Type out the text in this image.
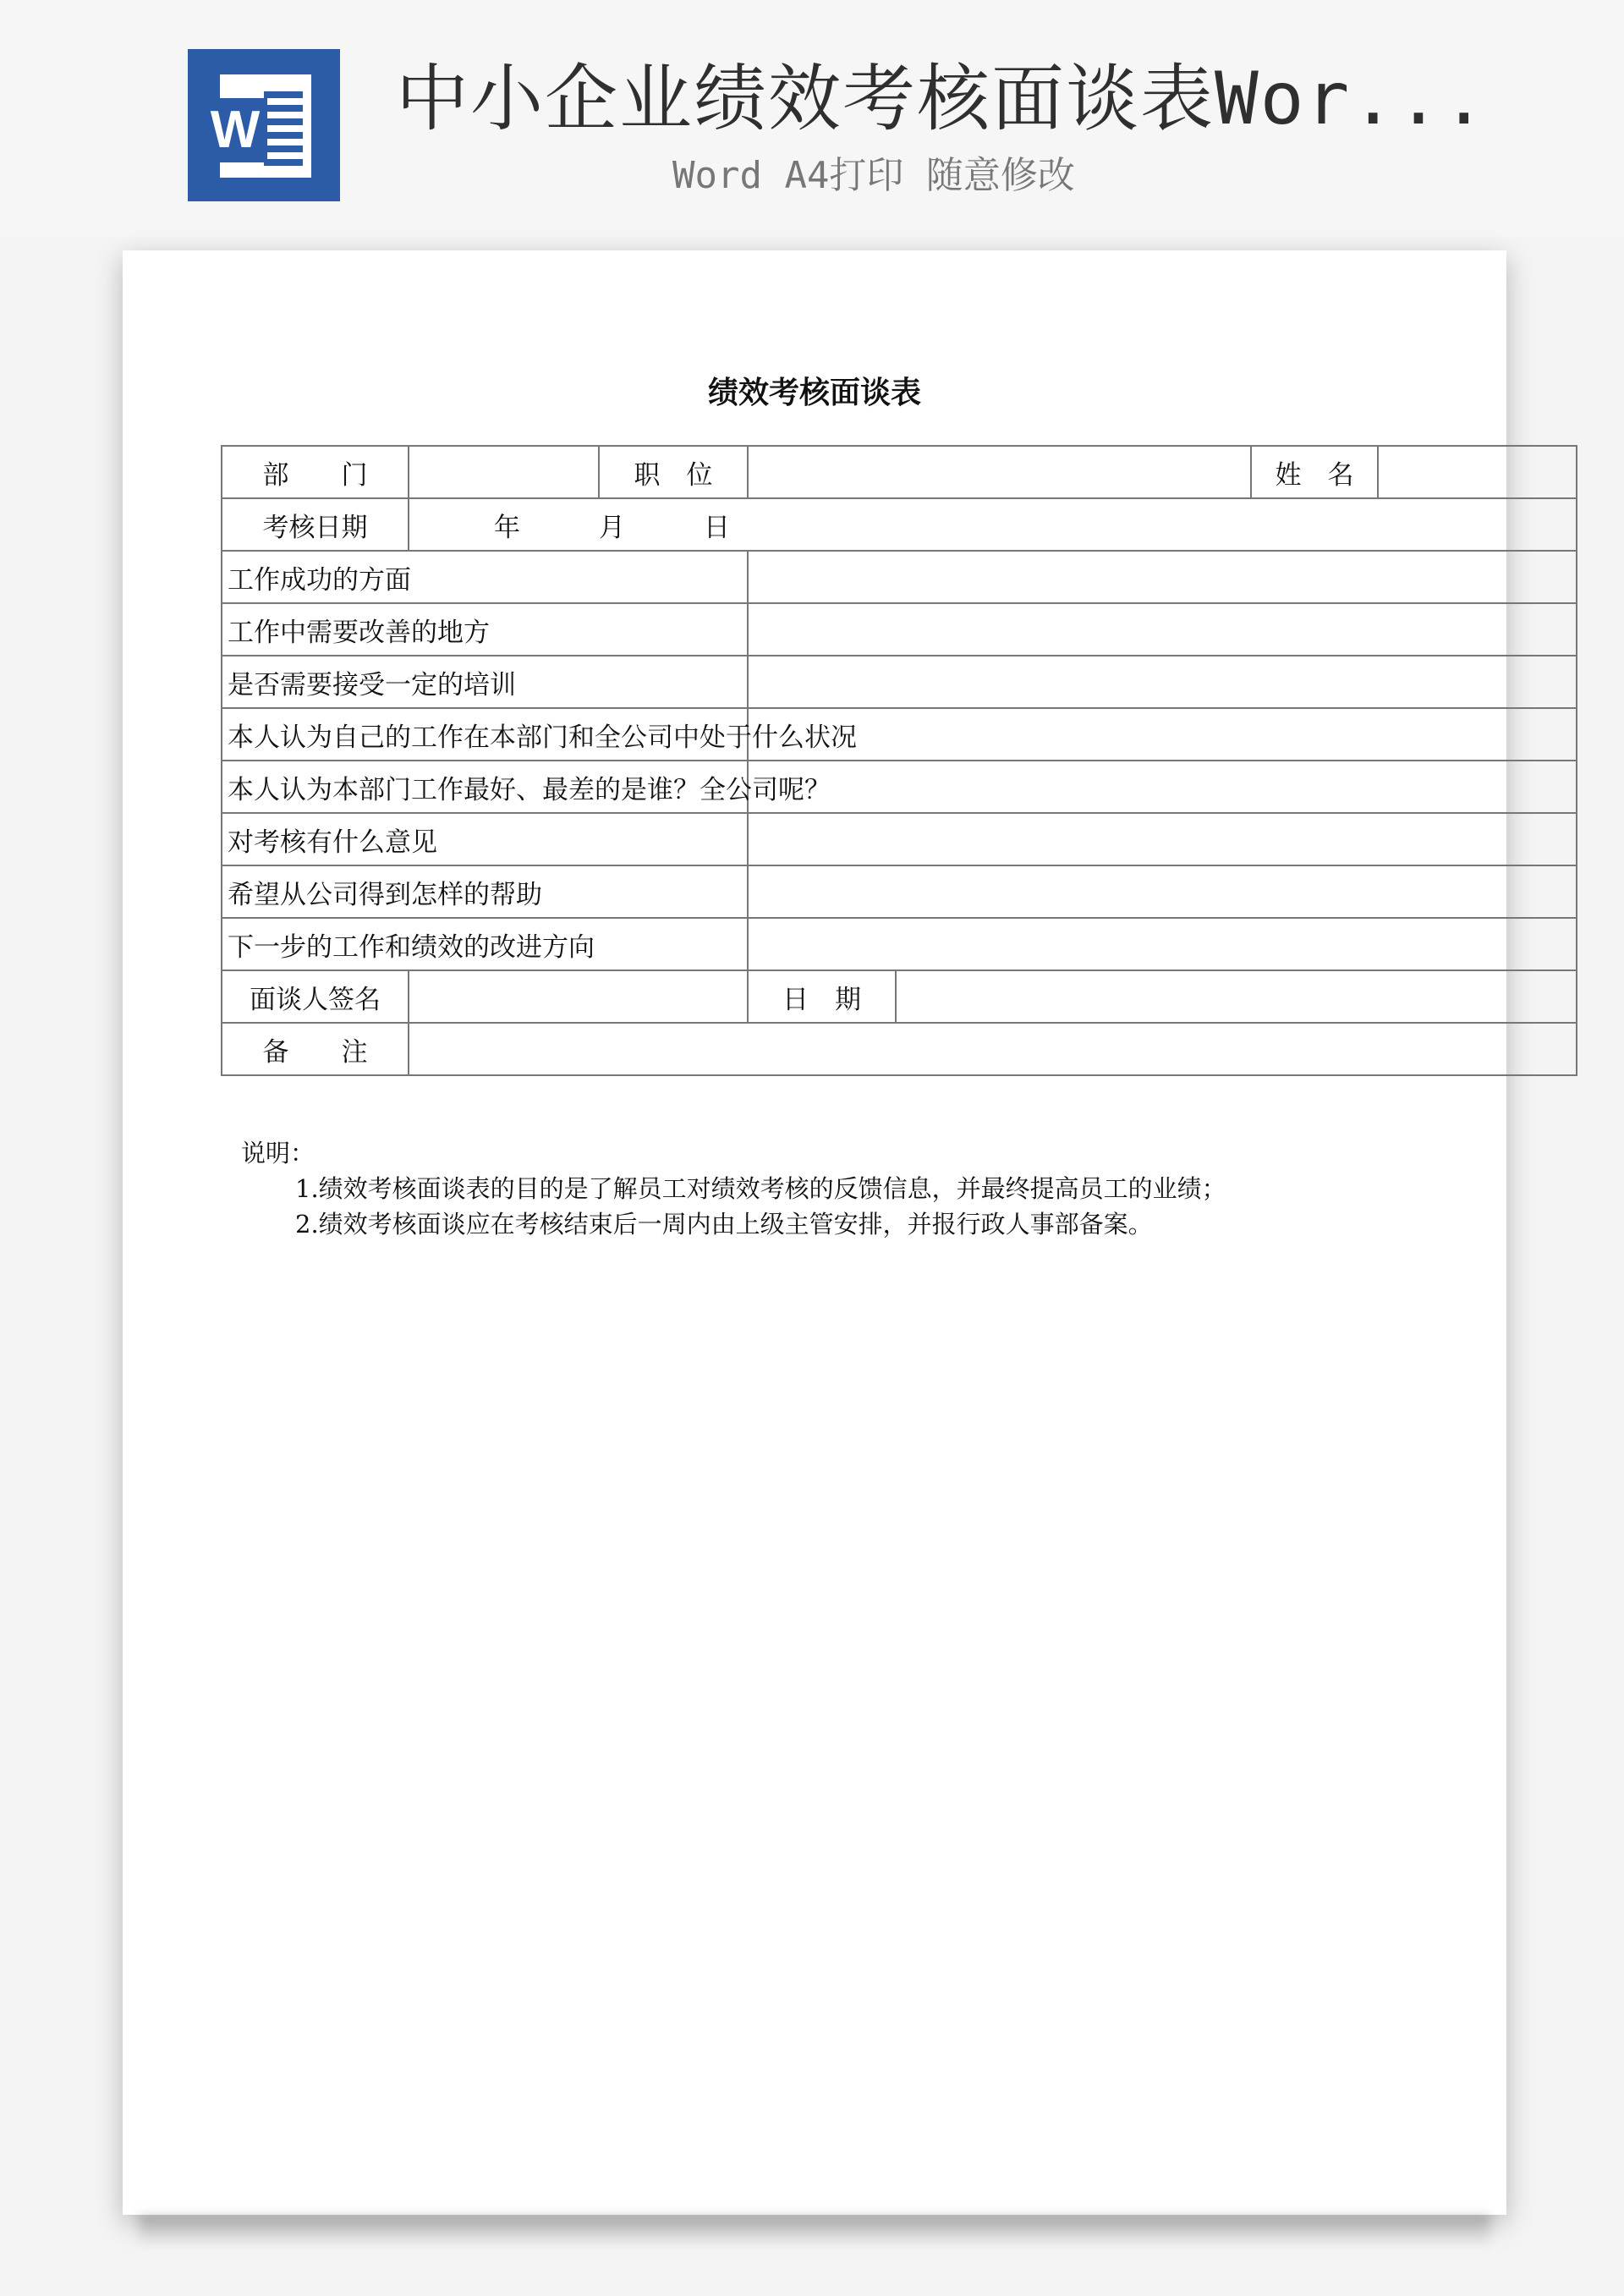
W 中小企业绩效考核面谈表Wor...
Word A4打印 随意修改
绩效考核面谈表
部　　门		职　位			姓　名	
考核日期	年　　　月　　　日					
工作成功的方面						
工作中需要改善的地方						
是否需要接受一定的培训						
本人认为自己的工作在本部门和全公司中处于什么状况						
本人认为本部门工作最好、最差的是谁？全公司呢？						
对考核有什么意见						
希望从公司得到怎样的帮助						
下一步的工作和绩效的改进方向						
面谈人签名			日　期			
备　　注						
说明：
1.绩效考核面谈表的目的是了解员工对绩效考核的反馈信息，并最终提高员工的业绩；
2.绩效考核面谈应在考核结束后一周内由上级主管安排，并报行政人事部备案。
